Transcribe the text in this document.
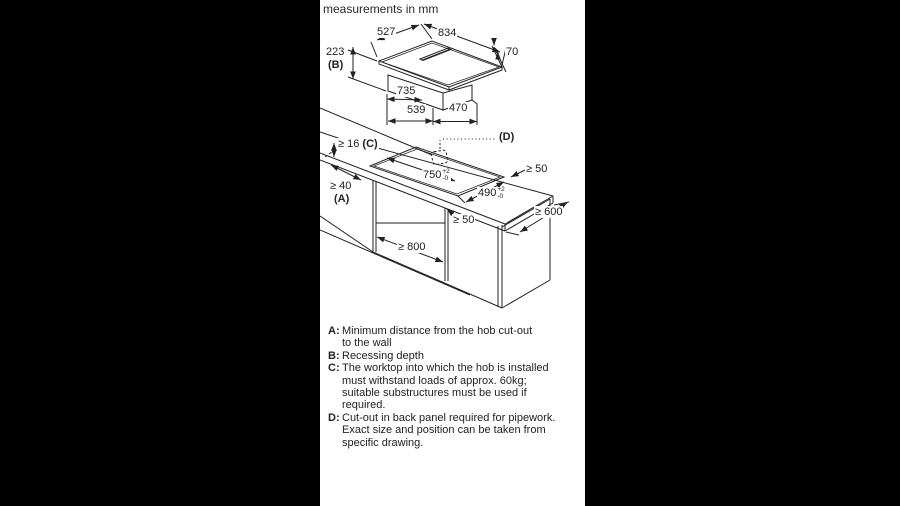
measurements in mm
527	834
70
223
(B)
735
539 470
≥ 16 (C)
(D)
≥ 40
(A)
750 +2
-0
490 +2
-0
≥ 50
≥ 600
≥ 50
≥ 800
A: Minimum distance from the hob cut-out
to the wall
B: Recessing depth
C: The worktop into which the hob is installed
must withstand loads of approx. 60kg;
suitable substructures must be used if
required.
D: Cut-out in back panel required for pipework.
Exact size and position can be taken from
specific drawing.
